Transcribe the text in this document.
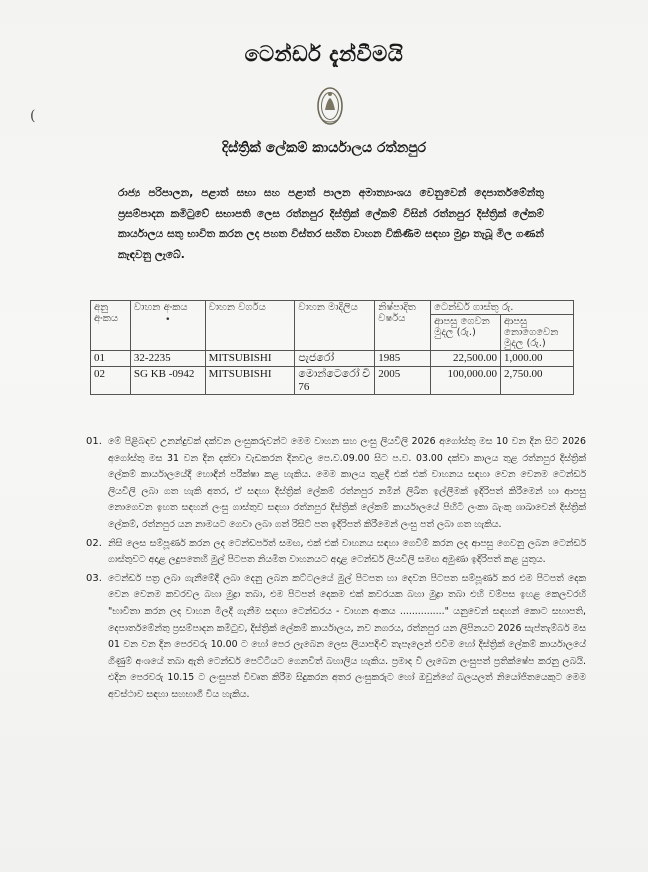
ටෙන්ඩර් දැන්වීමයි
(
දිස්ත්‍රික් ලේකම් කාර්යාලය රත්නපුර
රාජ්‍ය පරිපාලන, පළාත් සභා සහ පළාත් පාලන අමාත්‍යාංශය වෙනුවෙන් දෙපාර්තමේන්තු ප්‍රසම්පාදන කමිටුවේ සභාපති ලෙස රත්නපුර දිස්ත්‍රික් ලේකම් විසින් රත්නපුර දිස්ත්‍රික් ලේකම් කාර්යාලය සතු භාවිත කරන ලද පහත විස්තර සහිත වාහන විකිණීම සඳහා මුද්‍රා තැබූ මිල ගණන් කැඳවනු ලැබේ.
අනු අංකය	වාහන අංකය
•	වාහන වර්ගය	වාහන මාදිලිය	නිෂ්පාදිත වර්ෂය	ටෙන්ඩර් ගාස්තු රු.	
					ආපසු ගෙවන මුදල (රු.)	ආපසු නොගෙවෙන මුදල (රු.)
01	32-2235	MITSUBISHI	පැජරෝ	1985	22,500.00	1,000.00
02	SG KB -0942	MITSUBISHI	මොන්ටෙරෝ වී 76	2005	100,000.00	2,750.00
01. මේ පිළිබඳව උනන්දුවක් දක්වන ලංසුකරුවන්ට මෙම වාහන සහ ලංසු ලියවිලි 2026 අගෝස්තු මස 10 වන දින සිට 2026 අගෝස්තු මස 31 වන දින දක්වා වැඩකරන දිනවල පෙ.ව.09.00 සිට ප.ව. 03.00 දක්වා කාලය තුළ රත්නපුර දිස්ත්‍රික් ලේකම් කාර්යාලයේදී හොඳින් පරීක්ෂා කළ හැකිය. මෙම කාලය තුළදී එක් එක් වාහනය සඳහා වෙන වෙනම ටෙන්ඩර් ලියවිලි ලබා ගත හැකි අතර, ඒ සඳහා දිස්ත්‍රික් ලේකම් රත්නපුර නමින් ලිඛිත ඉල්ලීමක් ඉදිරිපත් කිරීමෙන් හා ආපසු නොගෙවන ඉහත සඳහන් ලංසු ගාස්තුව සඳහා රත්නපුර දිස්ත්‍රික් ලේකම් කාර්යාලයේ පිහිටි ලංකා බැංකු ශාඛාවෙන් දිස්ත්‍රික් ලේකම්, රත්නපුර යන නාමයට ගෙවා ලබා ගත් රිසිට් පත ඉදිරිපත් කිරීමෙන් ලංසු පත් ලබා ගත හැකිය.
02. නිසි ලෙස සම්පූර්ණ කරන ලද ටෙන්ඩර්පත් සමඟ, එක් එක් වාහනය සඳහා ගෙවීම් කරන ලද ආපසු ගෙවනු ලබන ටෙන්ඩර් ගාස්තුවට අදාළ ලදුපතෙහි මුල් පිටපත නියමිත වාහනයට අදාළ ටෙන්ඩර් ලියවිලි සමඟ අමුණා ඉදිරිපත් කළ යුතුය.
03. ටෙන්ඩර් පත්‍ර ලබා ගැනීමේදී ලබා දෙනු ලබන කට්ටලයේ මුල් පිටපත හා දෙවන පිටපත සම්පූර්ණ කර එම පිටපත් දෙක වෙන වෙනම කවරවල බහා මුද්‍රා තබා, එම පිටපත් දෙකම එක් කවරයක බහා මුද්‍රා තබා එහි වම්පස ඉහළ කෙලවරහි "භාවිතා කරන ලද වාහන මිලදී ගැනීම සඳහා ටෙන්ඩරය - වාහන අංකය ..............." යනුවෙන් සඳහන් කොට සභාපති, දෙපාර්තමේන්තු ප්‍රසම්පාදන කමිටුව, දිස්ත්‍රික් ලේකම් කාර්යාලය, නව නගරය, රත්නපුර යන ලිපිනයට 2026 සැප්තැම්බර් මස 01 වන වන දින පෙරවරු 10.00 ට හෝ පෙර ලැබෙන ලෙස ලියාපදිංචි තැපෑලෙන් එවීම හෝ දිස්ත්‍රික් ලේකම් කාර්යාලයේ ගිණුම් අංශයේ තබා ඇති ටෙන්ඩර් පෙට්ටියට ගෙනවිත් බහාලිය හැකිය. ප්‍රමාද වී ලැබෙන ලංසුපත් ප්‍රතික්ෂේප කරනු ලබයි. එදින පෙරවරු 10.15 ට ලංසුපත් විවෘත කිරීම සිදුකරන අතර ලංසුකරුට හෝ ඔවුන්ගේ බලයලත් නියෝජිතයෙකුට මෙම අවස්ථාව සඳහා සහභාගී විය හැකිය.
